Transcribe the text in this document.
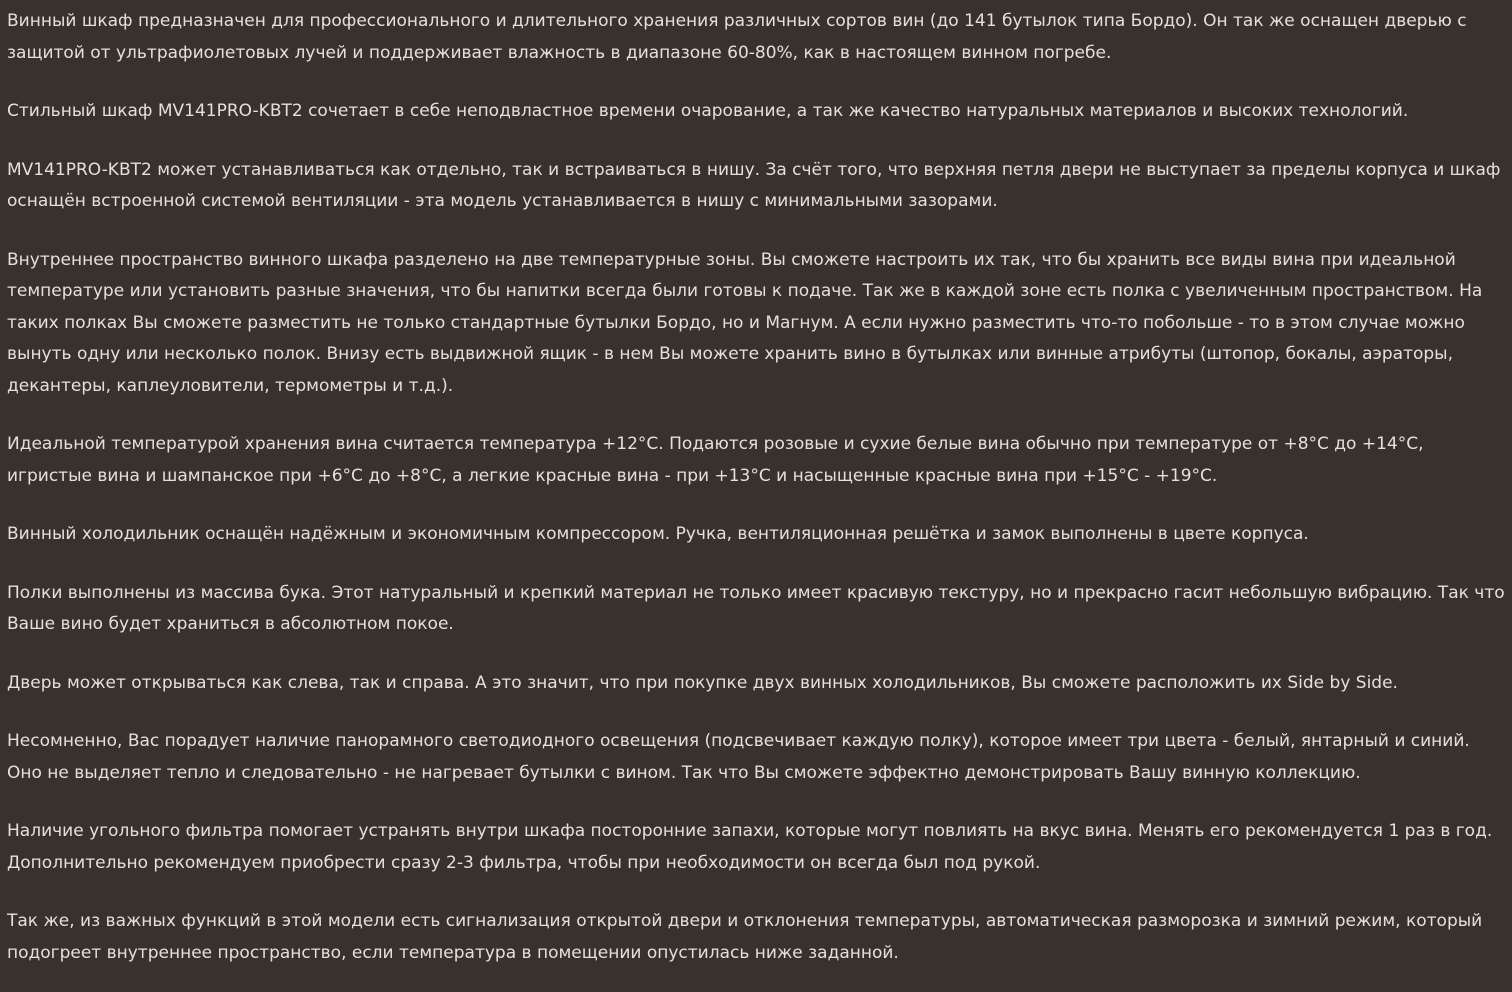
Винный шкаф предназначен для профессионального и длительного хранения различных сортов вин (до 141 бутылок типа Бордо). Он так же оснащен дверью с защитой от ультрафиолетовых лучей и поддерживает влажность в диапазоне 60-80%, как в настоящем винном погребе.

Стильный шкаф MV141PRO-KBT2 сочетает в себе неподвластное времени очарование, а так же качество натуральных материалов и высоких технологий.

MV141PRO-KBT2 может устанавливаться как отдельно, так и встраиваться в нишу. За счёт того, что верхняя петля двери не выступает за пределы корпуса и шкаф оснащён встроенной системой вентиляции - эта модель устанавливается в нишу с минимальными зазорами.

Внутреннее пространство винного шкафа разделено на две температурные зоны. Вы сможете настроить их так, что бы хранить все виды вина при идеальной температуре или установить разные значения, что бы напитки всегда были готовы к подаче. Так же в каждой зоне есть полка с увеличенным пространством. На таких полках Вы сможете разместить не только стандартные бутылки Бордо, но и Магнум. А если нужно разместить что-то побольше - то в этом случае можно вынуть одну или несколько полок. Внизу есть выдвижной ящик - в нем Вы можете хранить вино в бутылках или винные атрибуты (штопор, бокалы, аэраторы, декантеры, каплеуловители, термометры и т.д.).

Идеальной температурой хранения вина считается температура +12°C. Подаются розовые и сухие белые вина обычно при температуре от +8°C до +14°C, игристые вина и шампанское при +6°C до +8°C, а легкие красные вина - при +13°C и насыщенные красные вина при +15°C - +19°C.

Винный холодильник оснащён надёжным и экономичным компрессором. Ручка, вентиляционная решётка и замок выполнены в цвете корпуса.

Полки выполнены из массива бука. Этот натуральный и крепкий материал не только имеет красивую текстуру, но и прекрасно гасит небольшую вибрацию. Так что Ваше вино будет храниться в абсолютном покое.

Дверь может открываться как слева, так и справа. А это значит, что при покупке двух винных холодильников, Вы сможете расположить их Side by Side.

Несомненно, Вас порадует наличие панорамного светодиодного освещения (подсвечивает каждую полку), которое имеет три цвета - белый, янтарный и синий. Оно не выделяет тепло и следовательно - не нагревает бутылки с вином. Так что Вы сможете эффектно демонстрировать Вашу винную коллекцию.

Наличие угольного фильтра помогает устранять внутри шкафа посторонние запахи, которые могут повлиять на вкус вина. Менять его рекомендуется 1 раз в год. Дополнительно рекомендуем приобрести сразу 2-3 фильтра, чтобы при необходимости он всегда был под рукой.

Так же, из важных функций в этой модели есть сигнализация открытой двери и отклонения температуры, автоматическая разморозка и зимний режим, который подогреет внутреннее пространство, если температура в помещении опустилась ниже заданной.
